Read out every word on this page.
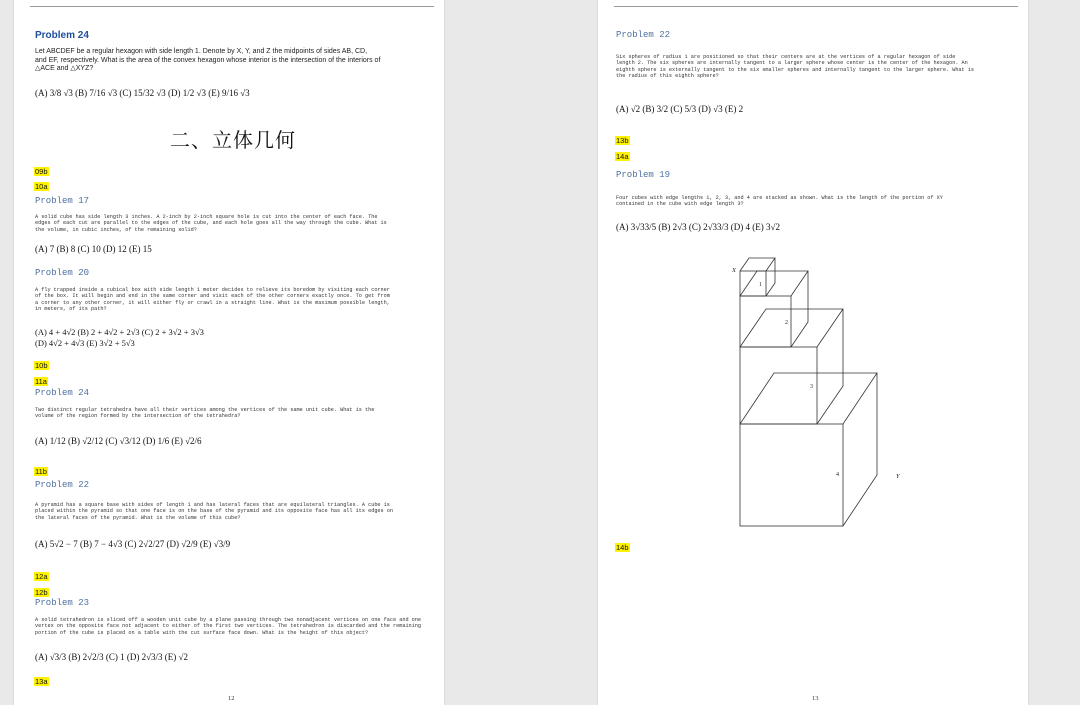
Problem 24
Let ABCDEF be a regular hexagon with side length 1. Denote by X, Y, and Z the midpoints of sides AB, CD,
and EF, respectively. What is the area of the convex hexagon whose interior is the intersection of the interiors of
△ACE and △XYZ?
(A) 3/8 √3 (B) 7/16 √3 (C) 15/32 √3 (D) 1/2 √3 (E) 9/16 √3
二、立体几何
09b
10a
Problem 17
A solid cube has side length 3 inches. A 2-inch by 2-inch square hole is cut into the center of each face. The
edges of each cut are parallel to the edges of the cube, and each hole goes all the way through the cube. What is
the volume, in cubic inches, of the remaining solid?
(A) 7 (B) 8 (C) 10 (D) 12 (E) 15
Problem 20
A fly trapped inside a cubical box with side length 1 meter decides to relieve its boredom by visiting each corner
of the box. It will begin and end in the same corner and visit each of the other corners exactly once. To get from
a corner to any other corner, it will either fly or crawl in a straight line. What is the maximum possible length,
in meters, of its path?
(A) 4 + 4√2 (B) 2 + 4√2 + 2√3 (C) 2 + 3√2 + 3√3
(D) 4√2 + 4√3 (E) 3√2 + 5√3
10b
11a
Problem 24
Two distinct regular tetrahedra have all their vertices among the vertices of the same unit cube. What is the
volume of the region formed by the intersection of the tetrahedra?
(A) 1/12 (B) √2/12 (C) √3/12 (D) 1/6 (E) √2/6
11b
Problem 22
A pyramid has a square base with sides of length 1 and has lateral faces that are equilateral triangles. A cube is
placed within the pyramid so that one face is on the base of the pyramid and its opposite face has all its edges on
the lateral faces of the pyramid. What is the volume of this cube?
(A) 5√2 − 7 (B) 7 − 4√3 (C) 2√2/27 (D) √2/9 (E) √3/9
12a
12b
Problem 23
A solid tetrahedron is sliced off a wooden unit cube by a plane passing through two nonadjacent vertices on one face and one
vertex on the opposite face not adjacent to either of the first two vertices. The tetrahedron is discarded and the remaining
portion of the cube is placed on a table with the cut surface face down. What is the height of this object?
(A) √3/3 (B) 2√2/3 (C) 1 (D) 2√3/3 (E) √2
13a
12
Problem 22
Six spheres of radius 1 are positioned so that their centers are at the vertices of a regular hexagon of side
length 2. The six spheres are internally tangent to a larger sphere whose center is the center of the hexagon. An
eighth sphere is externally tangent to the six smaller spheres and internally tangent to the larger sphere. What is
the radius of this eighth sphere?
(A) √2 (B) 3/2 (C) 5/3 (D) √3 (E) 2
13b
14a
Problem 19
Four cubes with edge lengths 1, 2, 3, and 4 are stacked as shown. What is the length of the portion of XY
contained in the cube with edge length 3?
(A) 3√33/5 (B) 2√3 (C) 2√33/3 (D) 4 (E) 3√2
X
Y
1
2
3
4
14b
13
